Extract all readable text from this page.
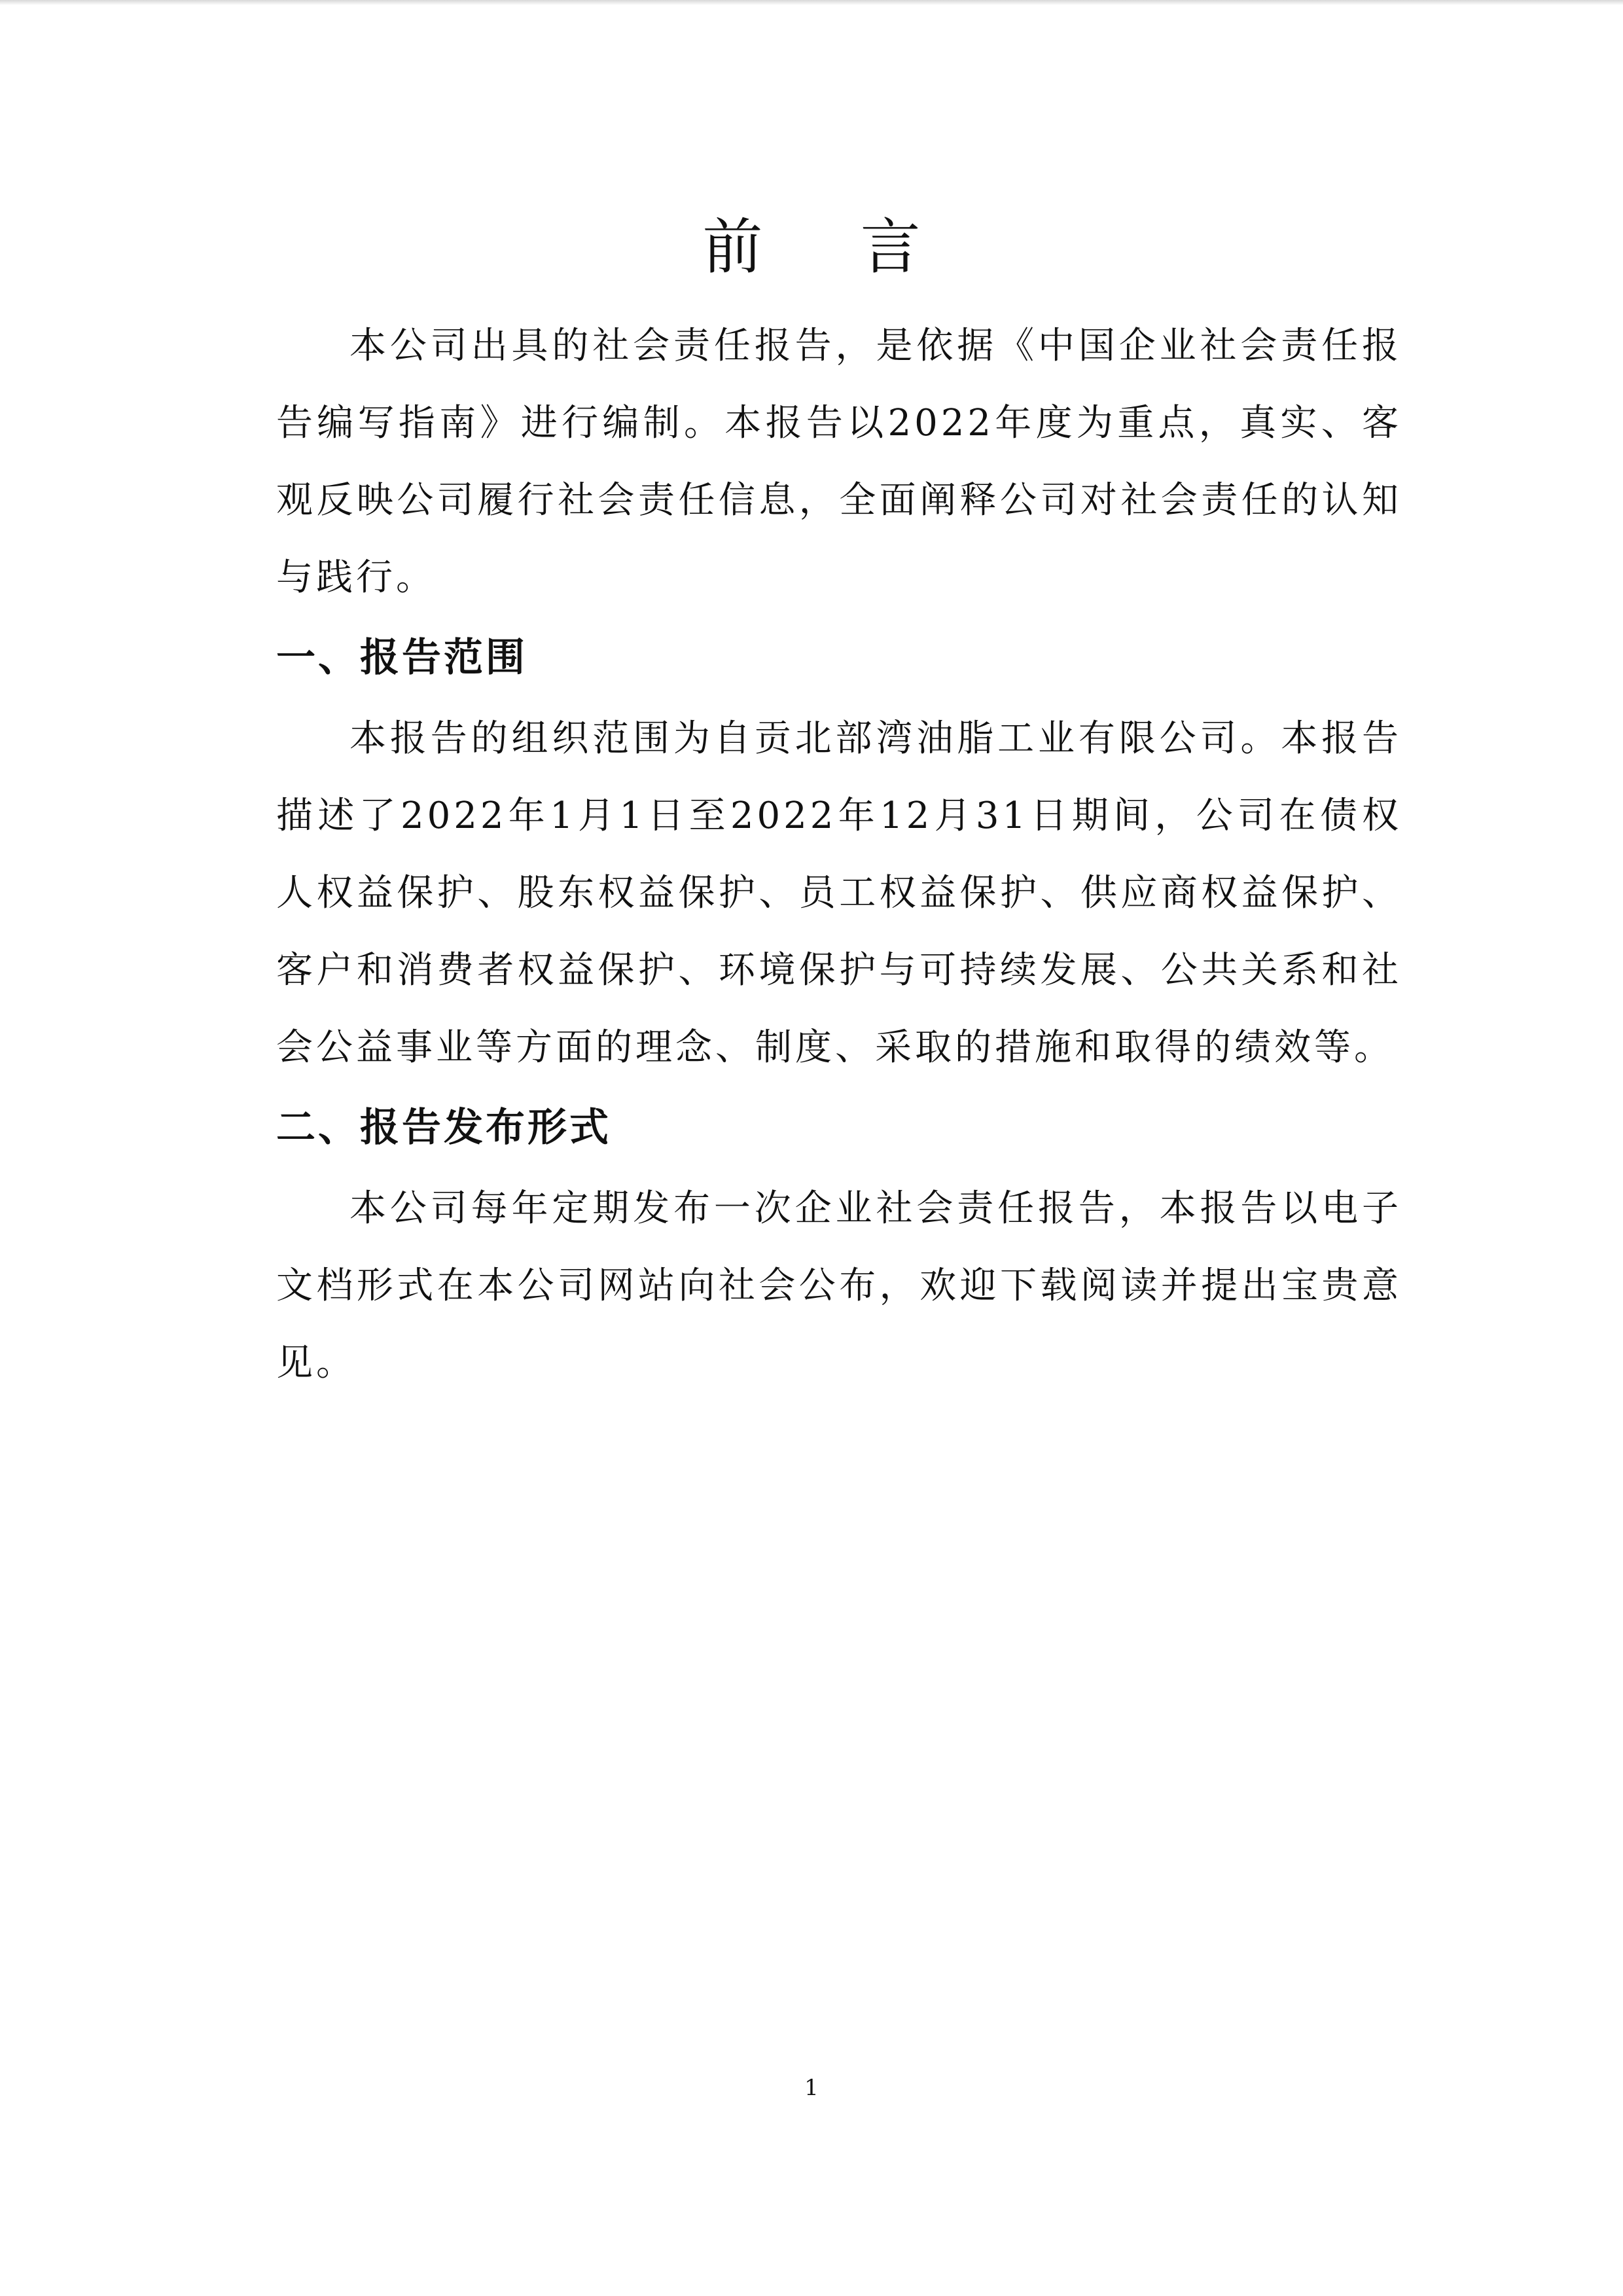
前 言

本公司出具的社会责任报告，是依据《中国企业社会责任报告编写指南》进行编制。本报告以2022年度为重点，真实、客观反映公司履行社会责任信息，全面阐释公司对社会责任的认知与践行。

一、报告范围

本报告的组织范围为自贡北部湾油脂工业有限公司。本报告描述了2022年1月1日至2022年12月31日期间，公司在债权人权益保护、股东权益保护、员工权益保护、供应商权益保护、客户和消费者权益保护、环境保护与可持续发展、公共关系和社会公益事业等方面的理念、制度、采取的措施和取得的绩效等。

二、报告发布形式

本公司每年定期发布一次企业社会责任报告，本报告以电子文档形式在本公司网站向社会公布，欢迎下载阅读并提出宝贵意见。

1
